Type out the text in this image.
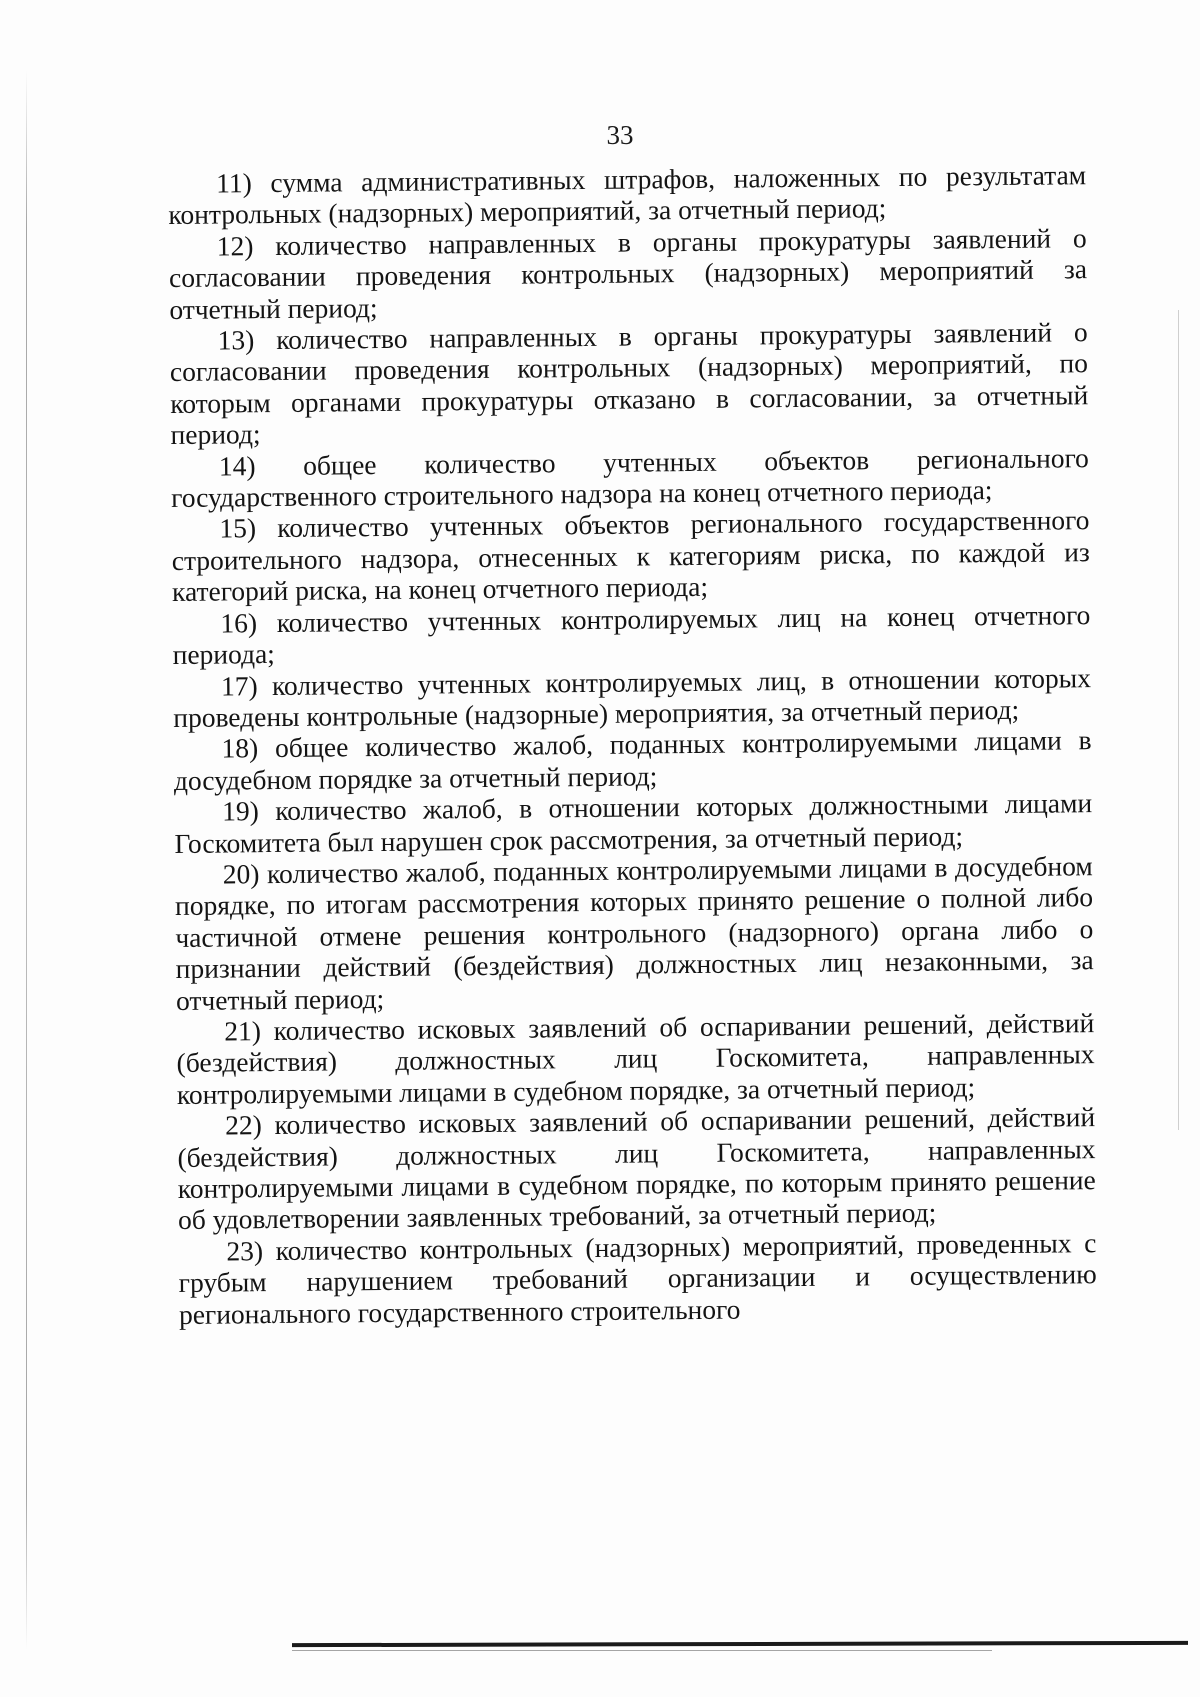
33

11) сумма административных штрафов, наложенных по результатам контрольных (надзорных) мероприятий, за отчетный период;

12) количество направленных в органы прокуратуры заявлений о согласовании проведения контрольных (надзорных) мероприятий за отчетный период;

13) количество направленных в органы прокуратуры заявлений о согласовании проведения контрольных (надзорных) мероприятий, по которым органами прокуратуры отказано в согласовании, за отчетный период;

14) общее количество учтенных объектов регионального государственного строительного надзора на конец отчетного периода;

15) количество учтенных объектов регионального государственного строительного надзора, отнесенных к категориям риска, по каждой из категорий риска, на конец отчетного периода;

16) количество учтенных контролируемых лиц на конец отчетного периода;

17) количество учтенных контролируемых лиц, в отношении которых проведены контрольные (надзорные) мероприятия, за отчетный период;

18) общее количество жалоб, поданных контролируемыми лицами в досудебном порядке за отчетный период;

19) количество жалоб, в отношении которых должностными лицами Госкомитета был нарушен срок рассмотрения, за отчетный период;

20) количество жалоб, поданных контролируемыми лицами в досудебном порядке, по итогам рассмотрения которых принято решение о полной либо частичной отмене решения контрольного (надзорного) органа либо о признании действий (бездействия) должностных лиц незаконными, за отчетный период;

21) количество исковых заявлений об оспаривании решений, действий (бездействия) должностных лиц Госкомитета, направленных контролируемыми лицами в судебном порядке, за отчетный период;

22) количество исковых заявлений об оспаривании решений, действий (бездействия) должностных лиц Госкомитета, направленных контролируемыми лицами в судебном порядке, по которым принято решение об удовлетворении заявленных требований, за отчетный период;

23) количество контрольных (надзорных) мероприятий, проведенных с грубым нарушением требований организации и осуществлению регионального государственного строительного
